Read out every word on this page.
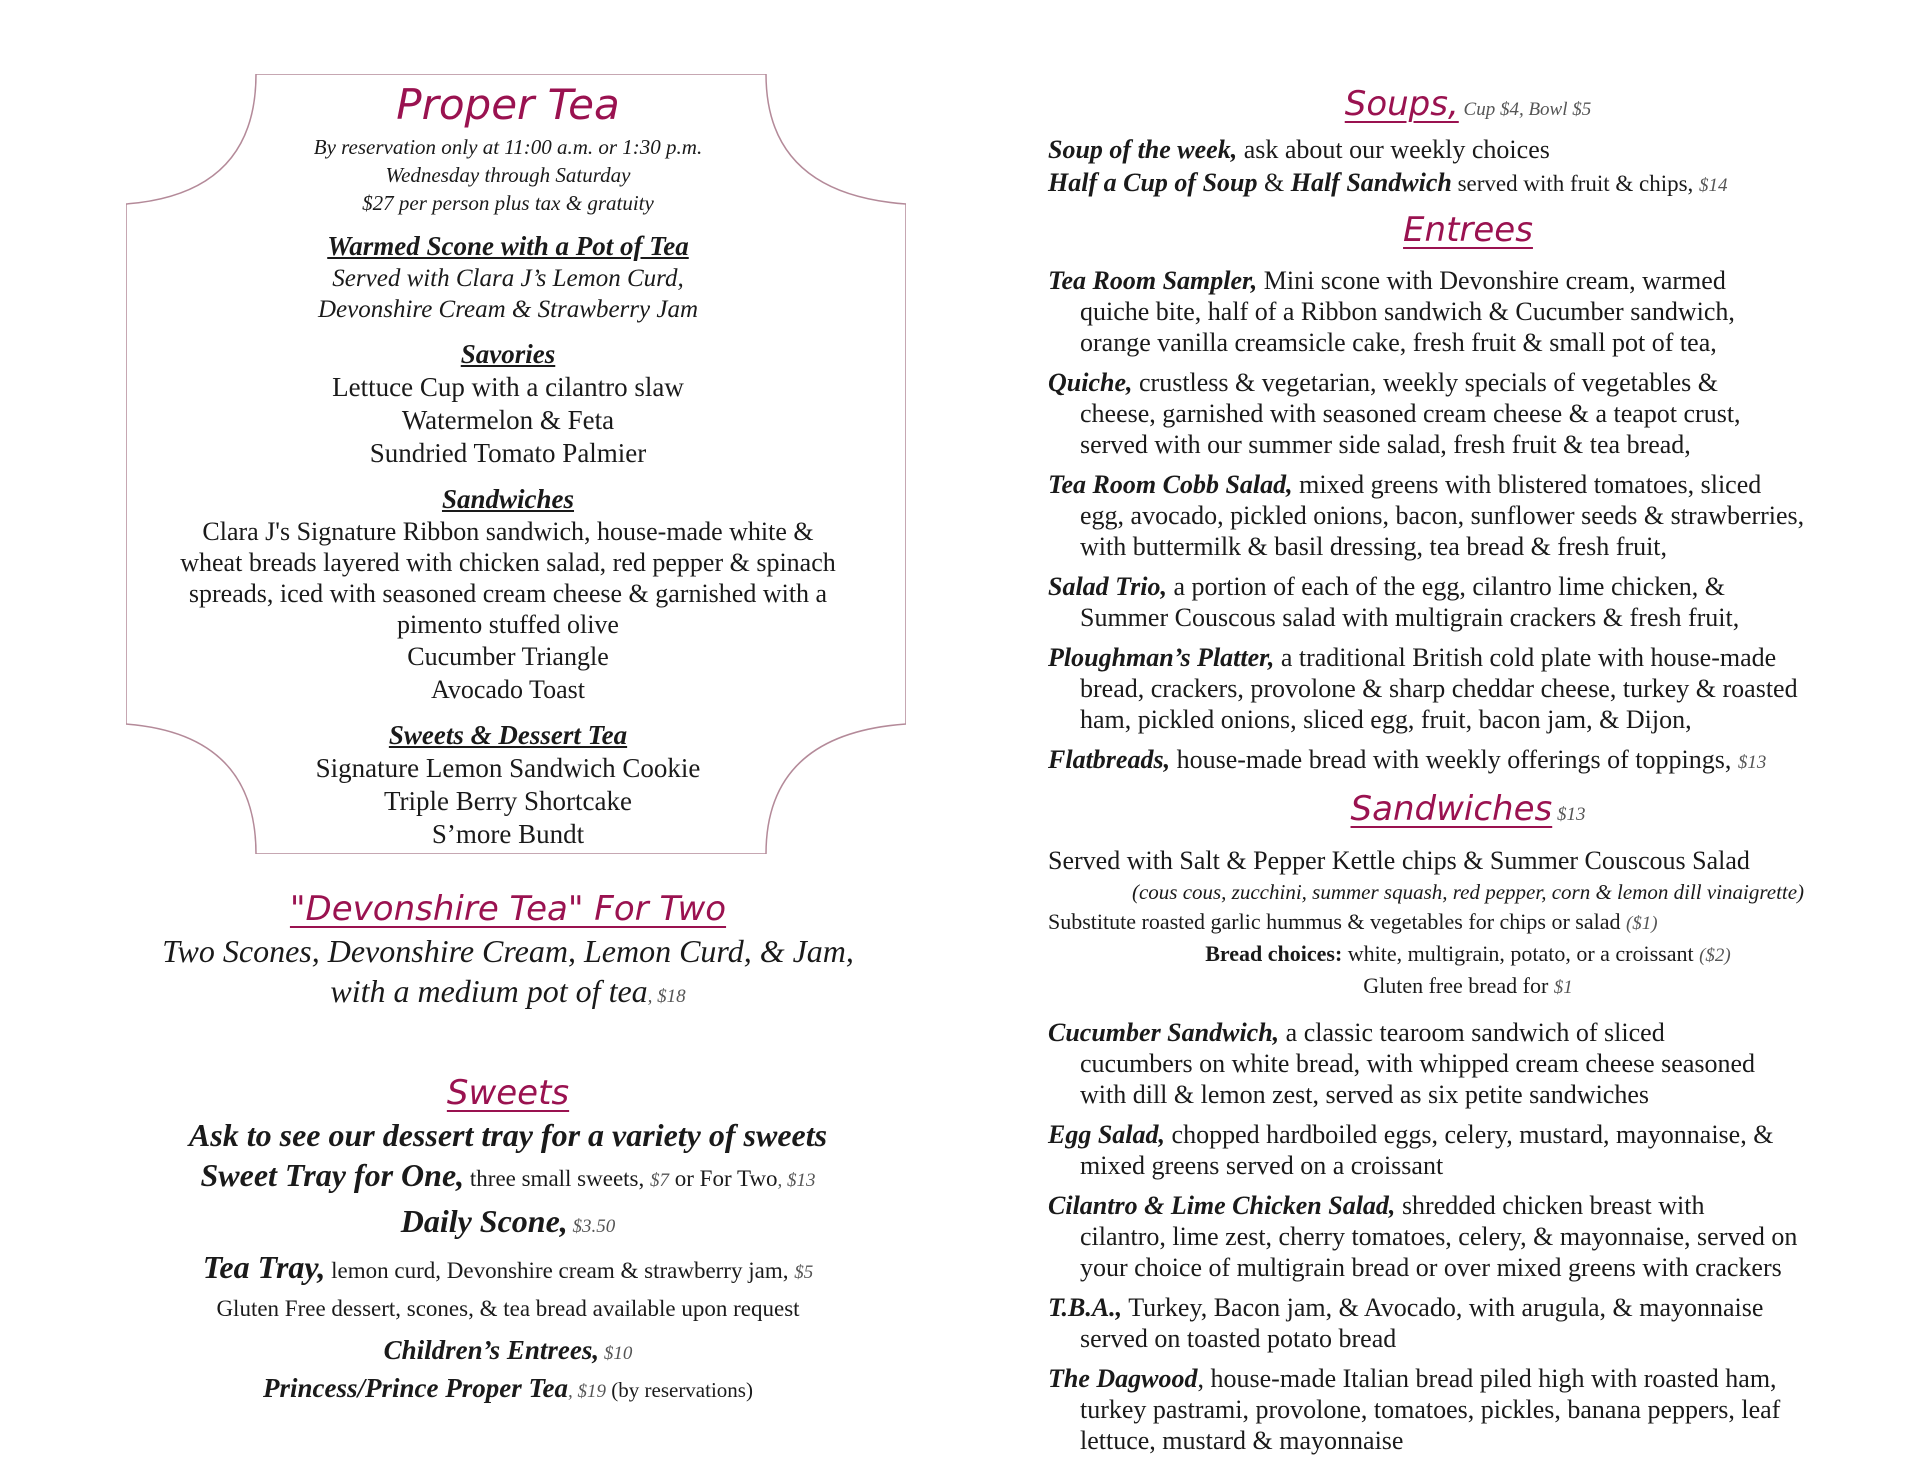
Proper Tea
By reservation only at 11:00 a.m. or 1:30 p.m.
Wednesday through Saturday
$27 per person plus tax & gratuity
Warmed Scone with a Pot of Tea
Served with Clara J’s Lemon Curd,
Devonshire Cream & Strawberry Jam
Savories
Lettuce Cup with a cilantro slaw
Watermelon & Feta
Sundried Tomato Palmier
Sandwiches
Clara J's Signature Ribbon sandwich, house-made white &
wheat breads layered with chicken salad, red pepper & spinach
spreads, iced with seasoned cream cheese & garnished with a
pimento stuffed olive
Cucumber Triangle
Avocado Toast
Sweets & Dessert Tea
Signature Lemon Sandwich Cookie
Triple Berry Shortcake
S’more Bundt
"Devonshire Tea" For Two
Two Scones, Devonshire Cream, Lemon Curd, & Jam,
with a medium pot of tea, $18
Sweets
Ask to see our dessert tray for a variety of sweets
Sweet Tray for One, three small sweets, $7 or For Two, $13
Daily Scone, $3.50
Tea Tray, lemon curd, Devonshire cream & strawberry jam, $5
Gluten Free dessert, scones, & tea bread available upon request
Children’s Entrees, $10
Princess/Prince Proper Tea, $19 (by reservations)
Soups, Cup $4, Bowl $5
Soup of the week, ask about our weekly choices
Half a Cup of Soup & Half Sandwich served with fruit & chips, $14
Entrees
Tea Room Sampler, Mini scone with Devonshire cream, warmed
quiche bite, half of a Ribbon sandwich & Cucumber sandwich,
orange vanilla creamsicle cake, fresh fruit & small pot of tea,
Quiche, crustless & vegetarian, weekly specials of vegetables &
cheese, garnished with seasoned cream cheese & a teapot crust,
served with our summer side salad, fresh fruit & tea bread,
Tea Room Cobb Salad, mixed greens with blistered tomatoes, sliced
egg, avocado, pickled onions, bacon, sunflower seeds & strawberries,
with buttermilk & basil dressing, tea bread & fresh fruit,
Salad Trio, a portion of each of the egg, cilantro lime chicken, &
Summer Couscous salad with multigrain crackers & fresh fruit,
Ploughman’s Platter, a traditional British cold plate with house-made
bread, crackers, provolone & sharp cheddar cheese, turkey & roasted
ham, pickled onions, sliced egg, fruit, bacon jam, & Dijon,
Flatbreads, house-made bread with weekly offerings of toppings, $13
Sandwiches $13
Served with Salt & Pepper Kettle chips & Summer Couscous Salad
(cous cous, zucchini, summer squash, red pepper, corn & lemon dill vinaigrette)
Substitute roasted garlic hummus & vegetables for chips or salad ($1)
Bread choices: white, multigrain, potato, or a croissant ($2)
Gluten free bread for $1
Cucumber Sandwich, a classic tearoom sandwich of sliced
cucumbers on white bread, with whipped cream cheese seasoned
with dill & lemon zest, served as six petite sandwiches
Egg Salad, chopped hardboiled eggs, celery, mustard, mayonnaise, &
mixed greens served on a croissant
Cilantro & Lime Chicken Salad, shredded chicken breast with
cilantro, lime zest, cherry tomatoes, celery, & mayonnaise, served on
your choice of multigrain bread or over mixed greens with crackers
T.B.A., Turkey, Bacon jam, & Avocado, with arugula, & mayonnaise
served on toasted potato bread
The Dagwood, house-made Italian bread piled high with roasted ham,
turkey pastrami, provolone, tomatoes, pickles, banana peppers, leaf
lettuce, mustard & mayonnaise
